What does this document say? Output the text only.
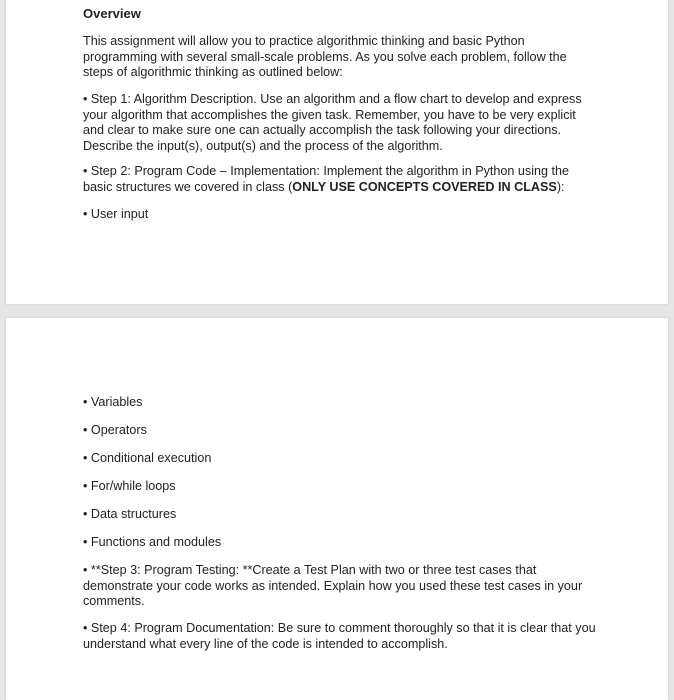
Overview

This assignment will allow you to practice algorithmic thinking and basic Python programming with several small-scale problems. As you solve each problem, follow the steps of algorithmic thinking as outlined below:

• Step 1: Algorithm Description. Use an algorithm and a flow chart to develop and express your algorithm that accomplishes the given task. Remember, you have to be very explicit and clear to make sure one can actually accomplish the task following your directions. Describe the input(s), output(s) and the process of the algorithm.

• Step 2: Program Code – Implementation: Implement the algorithm in Python using the basic structures we covered in class (ONLY USE CONCEPTS COVERED IN CLASS):

• User input

• Variables

• Operators

• Conditional execution

• For/while loops

• Data structures

• Functions and modules

• **Step 3: Program Testing: **Create a Test Plan with two or three test cases that demonstrate your code works as intended. Explain how you used these test cases in your comments.

• Step 4: Program Documentation: Be sure to comment thoroughly so that it is clear that you understand what every line of the code is intended to accomplish.
